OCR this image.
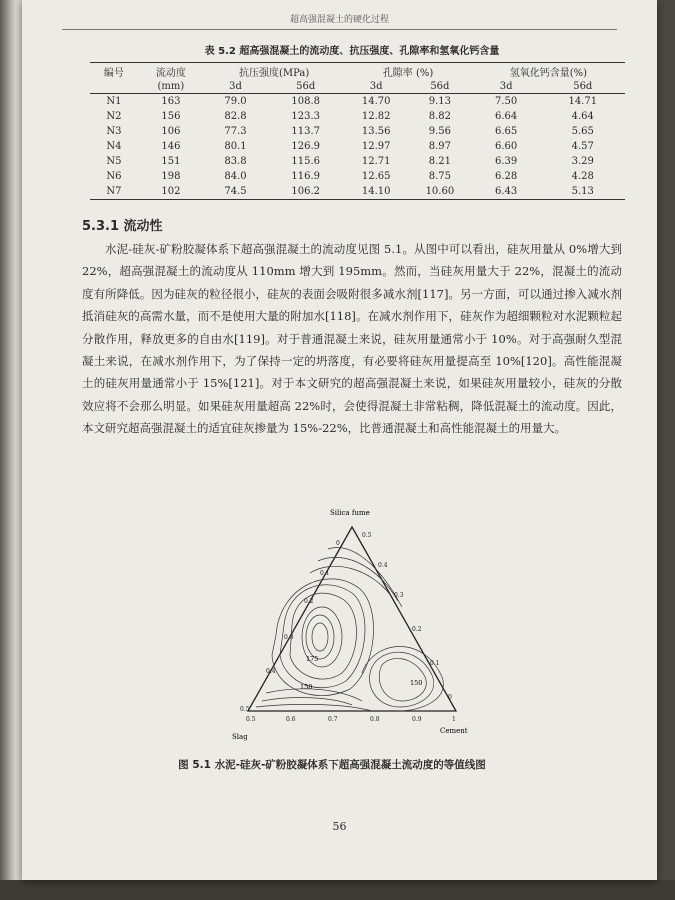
超高强混凝土的硬化过程
表 5.2 超高强混凝土的流动度、抗压强度、孔隙率和氢氧化钙含量
编号	流动度	抗压强度(MPa)		孔隙率 (%)		氢氧化钙含量(%)	
	(mm)	3d	56d	3d	56d	3d	56d
N1	163	79.0	108.8	14.70	9.13	7.50	14.71
N2	156	82.8	123.3	12.82	8.82	6.64	4.64
N3	106	77.3	113.7	13.56	9.56	6.65	5.65
N4	146	80.1	126.9	12.97	8.97	6.60	4.57
N5	151	83.8	115.6	12.71	8.21	6.39	3.29
N6	198	84.0	116.9	12.65	8.75	6.28	4.28
N7	102	74.5	106.2	14.10	10.60	6.43	5.13
5.3.1 流动性
水泥-硅灰-矿粉胶凝体系下超高强混凝土的流动度见图 5.1。从图中可以看出，硅灰用量从 0%增大到 22%，超高强混凝土的流动度从 110mm 增大到 195mm。然而，当硅灰用量大于 22%，混凝土的流动度有所降低。因为硅灰的粒径很小，硅灰的表面会吸附很多减水剂[117]。另一方面，可以通过掺入减水剂抵消硅灰的高需水量，而不是使用大量的附加水[118]。在减水剂作用下，硅灰作为超细颗粒对水泥颗粒起分散作用，释放更多的自由水[119]。对于普通混凝土来说，硅灰用量通常小于 10%。对于高强耐久型混凝土来说，在减水剂作用下，为了保持一定的坍落度，有必要将硅灰用量提高至 10%[120]。高性能混凝土的硅灰用量通常小于 15%[121]。对于本文研究的超高强混凝土来说，如果硅灰用量较小，硅灰的分散效应将不会那么明显。如果硅灰用量超高 22%时，会使得混凝土非常粘稠，降低混凝土的流动度。因此，本文研究超高强混凝土的适宜硅灰掺量为 15%-22%，比普通混凝土和高性能混凝土的用量大。
Silica fume
Slag
Cement
175
150	150
0.5	0.6	0.7	0.8	0.9	1
0
0.1
0.2
0.3
0.4
0.5
0.5
0.4
0.3
0.2
0.1
0
图 5.1 水泥-硅灰-矿粉胶凝体系下超高强混凝土流动度的等值线图
56
